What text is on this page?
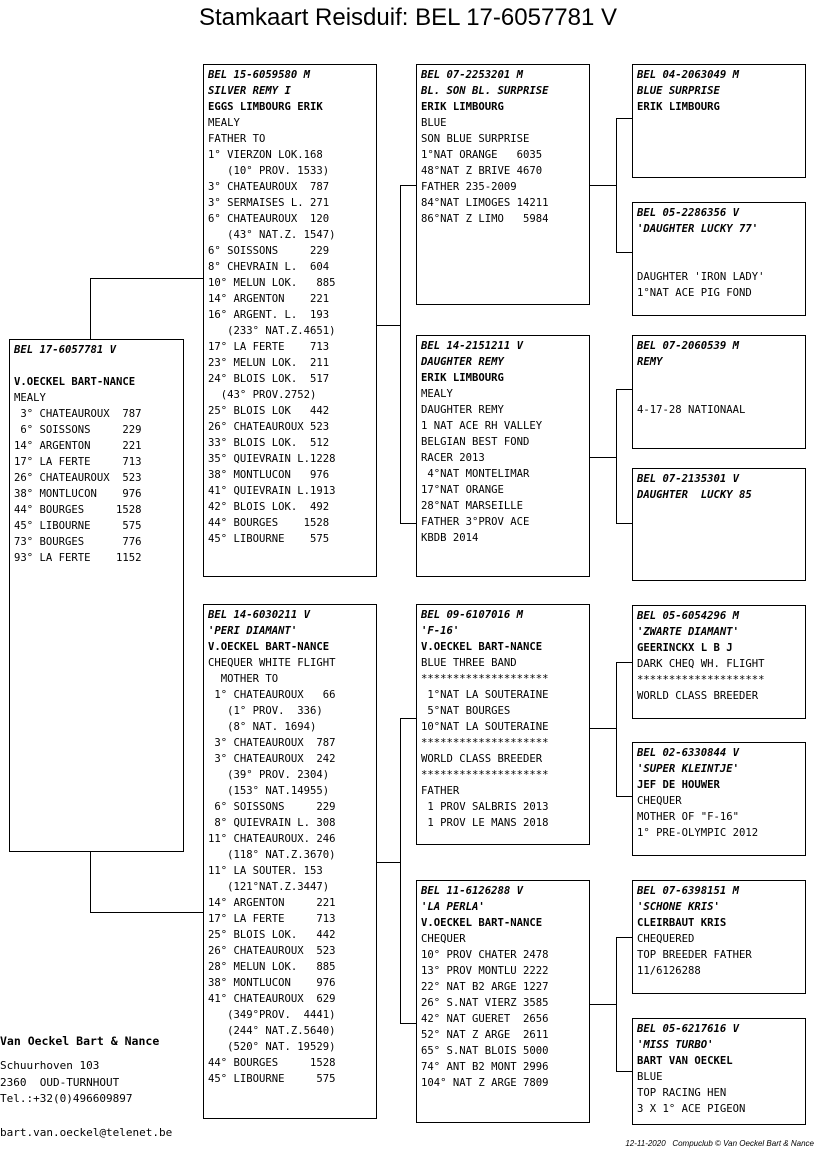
Stamkaart Reisduif: BEL 17-6057781 V
BEL 17-6057781 V
V.OECKEL BART-NANCE
MEALY
3° CHATEAUROUX  787
6° SOISSONS     229
14° ARGENTON     221
17° LA FERTE     713
26° CHATEAUROUX  523
38° MONTLUCON    976
44° BOURGES     1528
45° LIBOURNE     575
73° BOURGES      776
93° LA FERTE    1152
BEL 15-6059580 M
SILVER REMY I
EGGS LIMBOURG ERIK
MEALY
FATHER TO
1° VIERZON LOK.168
(10° PROV. 1533)
3° CHATEAUROUX  787
3° SERMAISES L. 271
6° CHATEAUROUX  120
(43° NAT.Z. 1547)
6° SOISSONS     229
8° CHEVRAIN L.  604
10° MELUN LOK.   885
14° ARGENTON    221
16° ARGENT. L.  193
(233° NAT.Z.4651)
17° LA FERTE    713
23° MELUN LOK.  211
24° BLOIS LOK.  517
(43° PROV.2752)
25° BLOIS LOK   442
26° CHATEAUROUX 523
33° BLOIS LOK.  512
35° QUIEVRAIN L.1228
38° MONTLUCON   976
41° QUIEVRAIN L.1913
42° BLOIS LOK.  492
44° BOURGES    1528
45° LIBOURNE    575
BEL 14-6030211 V
'PERI DIAMANT'
V.OECKEL BART-NANCE
CHEQUER WHITE FLIGHT
MOTHER TO
1° CHATEAUROUX   66
(1° PROV.  336)
(8° NAT. 1694)
3° CHATEAUROUX  787
3° CHATEAUROUX  242
(39° PROV. 2304)
(153° NAT.14955)
6° SOISSONS     229
8° QUIEVRAIN L. 308
11° CHATEAUROUX. 246
(118° NAT.Z.3670)
11° LA SOUTER. 153
(121°NAT.Z.3447)
14° ARGENTON     221
17° LA FERTE     713
25° BLOIS LOK.   442
26° CHATEAUROUX  523
28° MELUN LOK.   885
38° MONTLUCON    976
41° CHATEAUROUX  629
(349°PROV.  4441)
(244° NAT.Z.5640)
(520° NAT. 19529)
44° BOURGES     1528
45° LIBOURNE     575
BEL 07-2253201 M
BL. SON BL. SURPRISE
ERIK LIMBOURG
BLUE
SON BLUE SURPRISE
1°NAT ORANGE   6035
48°NAT Z BRIVE 4670
FATHER 235-2009
84°NAT LIMOGES 14211
86°NAT Z LIMO   5984
BEL 14-2151211 V
DAUGHTER REMY
ERIK LIMBOURG
MEALY
DAUGHTER REMY
1 NAT ACE RH VALLEY
BELGIAN BEST FOND
RACER 2013
4°NAT MONTELIMAR
17°NAT ORANGE
28°NAT MARSEILLE
FATHER 3°PROV ACE
KBDB 2014
BEL 09-6107016 M
'F-16'
V.OECKEL BART-NANCE
BLUE THREE BAND
********************
1°NAT LA SOUTERAINE
5°NAT BOURGES
10°NAT LA SOUTERAINE
********************
WORLD CLASS BREEDER
********************
FATHER
1 PROV SALBRIS 2013
1 PROV LE MANS 2018
BEL 11-6126288 V
'LA PERLA'
V.OECKEL BART-NANCE
CHEQUER
10° PROV CHATER 2478
13° PROV MONTLU 2222
22° NAT B2 ARGE 1227
26° S.NAT VIERZ 3585
42° NAT GUERET  2656
52° NAT Z ARGE  2611
65° S.NAT BLOIS 5000
74° ANT B2 MONT 2996
104° NAT Z ARGE 7809
BEL 04-2063049 M
BLUE SURPRISE
ERIK LIMBOURG
BEL 05-2286356 V
'DAUGHTER LUCKY 77'
DAUGHTER 'IRON LADY'
1°NAT ACE PIG FOND
BEL 07-2060539 M
REMY
4-17-28 NATIONAAL
BEL 07-2135301 V
DAUGHTER  LUCKY 85
BEL 05-6054296 M
'ZWARTE DIAMANT'
GEERINCKX L B J
DARK CHEQ WH. FLIGHT
********************
WORLD CLASS BREEDER
BEL 02-6330844 V
'SUPER KLEINTJE'
JEF DE HOUWER
CHEQUER
MOTHER OF "F-16"
1° PRE-OLYMPIC 2012
BEL 07-6398151 M
'SCHONE KRIS'
CLEIRBAUT KRIS
CHEQUERED
TOP BREEDER FATHER
11/6126288
BEL 05-6217616 V
'MISS TURBO'
BART VAN OECKEL
BLUE
TOP RACING HEN
3 X 1° ACE PIGEON
Van Oeckel Bart & Nance
Schuurhoven 103
2360  OUD-TURNHOUT
Tel.:+32(0)496609897
bart.van.oeckel@telenet.be
12-11-2020 Compuclub © Van Oeckel Bart & Nance
